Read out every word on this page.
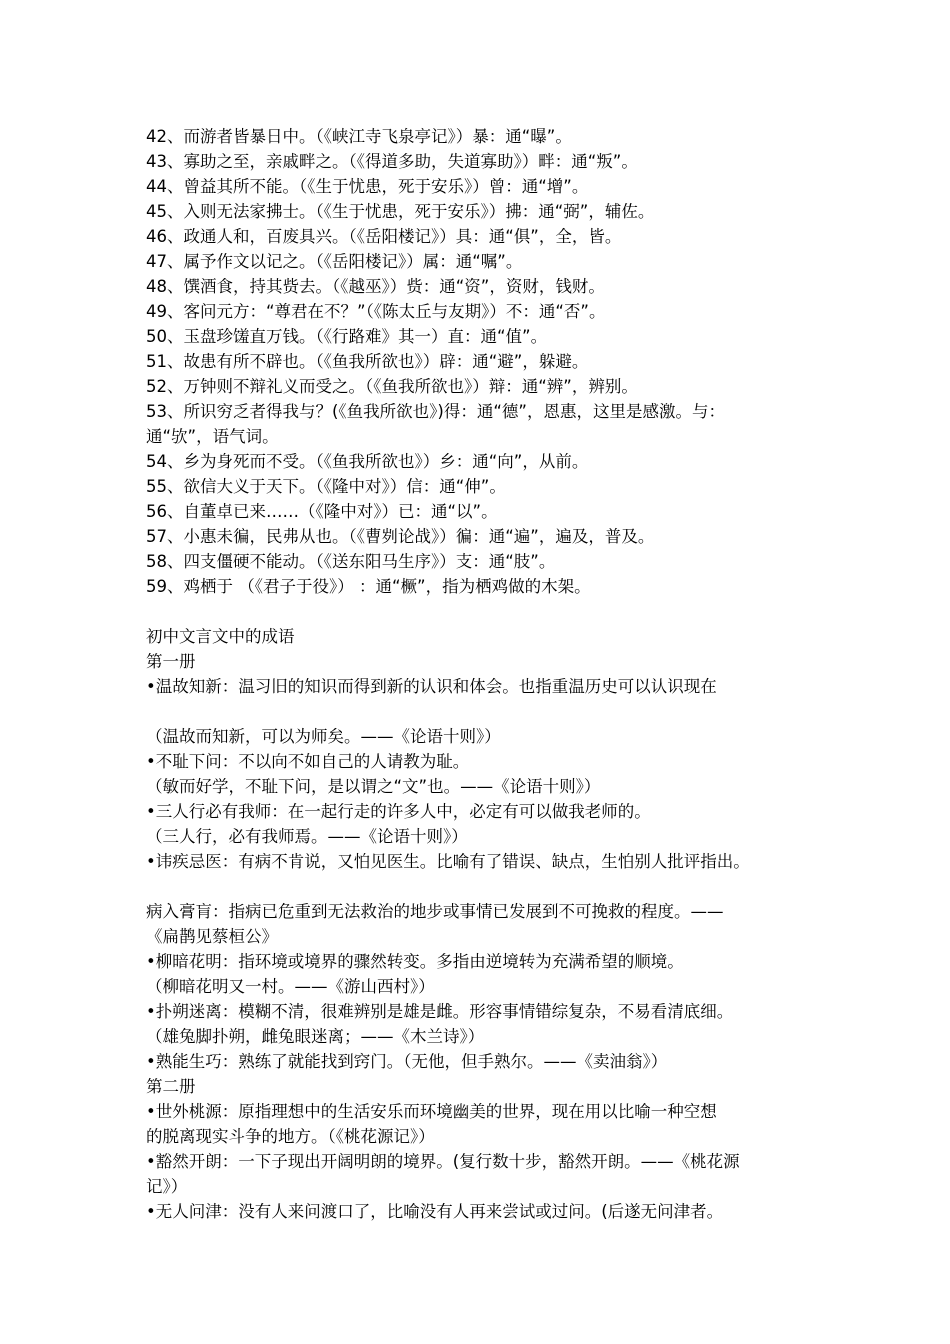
42、而游者皆暴日中。（《峡江寺飞泉亭记》）暴：通“曝”。
43、寡助之至，亲戚畔之。（《得道多助，失道寡助》）畔：通“叛”。
44、曾益其所不能。（《生于忧患，死于安乐》）曾：通“增”。
45、入则无法家拂士。（《生于忧患，死于安乐》）拂：通“弼”，辅佐。
46、政通人和，百废具兴。（《岳阳楼记》）具：通“俱”，全，皆。
47、属予作文以记之。（《岳阳楼记》）属：通“嘱”。
48、馔酒食，持其赀去。（《越巫》）赀：通“资”，资财，钱财。
49、客问元方：“尊君在不？”（《陈太丘与友期》）不：通“否”。
50、玉盘珍馐直万钱。（《行路难》其一）直：通“值”。
51、故患有所不辟也。（《鱼我所欲也》）辟：通“避”，躲避。
52、万钟则不辩礼义而受之。（《鱼我所欲也》）辩：通“辨”，辨别。
53、所识穷乏者得我与？(《鱼我所欲也》)得：通“德”，恩惠，这里是感激。与：
通“欤”，语气词。
54、乡为身死而不受。（《鱼我所欲也》）乡：通“向”，从前。
55、欲信大义于天下。（《隆中对》）信：通“伸”。
56、自董卓已来……（《隆中对》）已：通“以”。
57、小惠未徧，民弗从也。（《曹刿论战》）徧：通“遍”，遍及，普及。
58、四支僵硬不能动。（《送东阳马生序》）支：通“肢”。
59、鸡栖于 （《君子于役》） ：通“橛”，指为栖鸡做的木架。
初中文言文中的成语
第一册
•温故知新：温习旧的知识而得到新的认识和体会。也指重温历史可以认识现在
（温故而知新，可以为师矣。——《论语十则》）
•不耻下问：不以向不如自己的人请教为耻。
（敏而好学，不耻下问，是以谓之“文”也。——《论语十则》）
•三人行必有我师：在一起行走的许多人中，必定有可以做我老师的。
（三人行，必有我师焉。——《论语十则》）
•讳疾忌医：有病不肯说，又怕见医生。比喻有了错误、缺点，生怕别人批评指出。
病入膏肓：指病已危重到无法救治的地步或事情已发展到不可挽救的程度。——
《扁鹊见蔡桓公》
•柳暗花明：指环境或境界的骤然转变。多指由逆境转为充满希望的顺境。
（柳暗花明又一村。——《游山西村》）
•扑朔迷离：模糊不清，很难辨别是雄是雌。形容事情错综复杂，不易看清底细。
（雄兔脚扑朔，雌兔眼迷离；——《木兰诗》）
•熟能生巧：熟练了就能找到窍门。（无他，但手熟尔。——《卖油翁》）
第二册
•世外桃源：原指理想中的生活安乐而环境幽美的世界，现在用以比喻一种空想
的脱离现实斗争的地方。（《桃花源记》）
•豁然开朗：一下子现出开阔明朗的境界。(复行数十步，豁然开朗。——《桃花源
记》）
•无人问津：没有人来问渡口了，比喻没有人再来尝试或过问。(后遂无问津者。
